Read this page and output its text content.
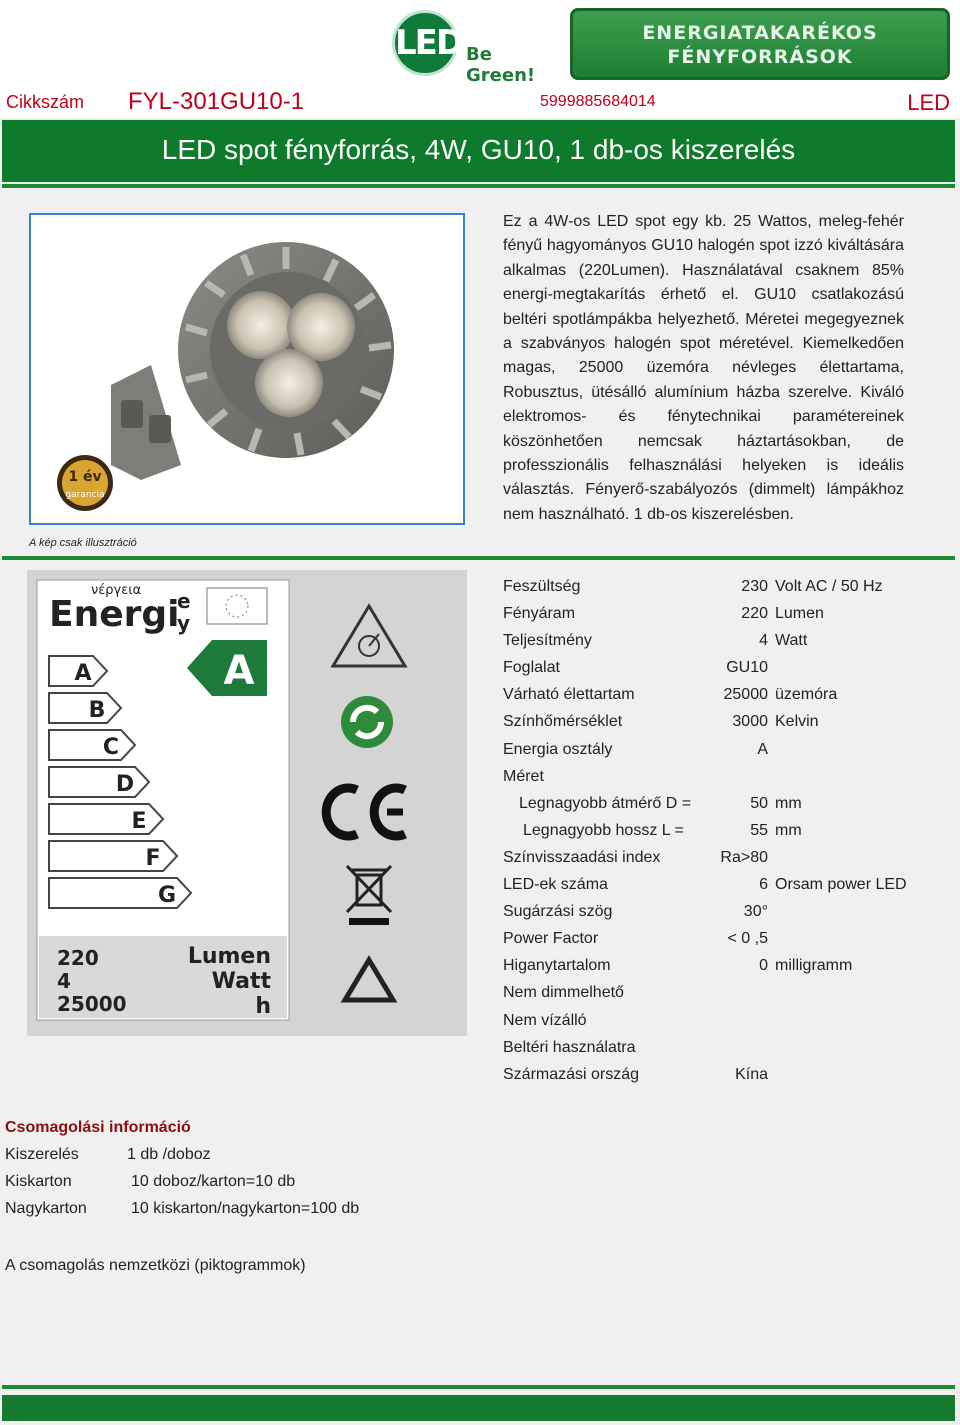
LED Be Green!
ENERGIATAKARÉKOS
FÉNYFORRÁSOK
Cikkszám FYL-301GU10-1	5999885684014	LED
LED spot fényforrás, 4W, GU10, 1 db-os kiszerelés
1 év
garancia
A kép csak illusztráció
Ez a 4W-os LED spot egy kb. 25 Wattos, meleg-fehér fényű hagyományos GU10 halogén spot izzó kiváltására alkalmas (220Lumen). Használatával csaknem 85% energi-megtakarítás érhető el. GU10 csatlakozású beltéri spotlámpákba helyezhető. Méretei megegyeznek a szabványos halogén spot méretével. Kiemelkedően magas, 25000 üzemóra névleges élettartama, Robusztus, ütésálló alumínium házba szerelve. Kiváló elektromos- és fénytechnikai paramétereinek köszönhetően nemcsak háztartásokban, de professzionális felhasználási helyeken is ideális választás. Fényerő-szabályozós (dimmelt) lámpákhoz nem használható. 1 db-os kiszerelésben.
νέργεια
Energi
e
y
A
B
C
D
E
F
G
A
220
4
25000
Lumen
Watt
h
Feszültség	230 Volt AC / 50 Hz
Fényáram	220 Lumen
Teljesítmény	4 Watt
Foglalat	GU10
Várható élettartam	25000 üzemóra
Színhőmérséklet	3000 Kelvin
Energia osztály	A
Méret
Legnagyobb átmérő D =	50 mm
Legnagyobb hossz L =	55 mm
Színvisszaadási index	Ra>80
LED-ek száma	6 Orsam power LED
Sugárzási szög	30°
Power Factor	< 0 ,5
Higanytartalom	0 milligramm
Nem dimmelhető
Nem vízálló
Beltéri használatra
Származási ország	Kína
Csomagolási információ
Kiszerelés	1 db /doboz
Kiskarton	10 doboz/karton=10 db
Nagykarton	10 kiskarton/nagykarton=100 db
A csomagolás nemzetközi (piktogrammok)
